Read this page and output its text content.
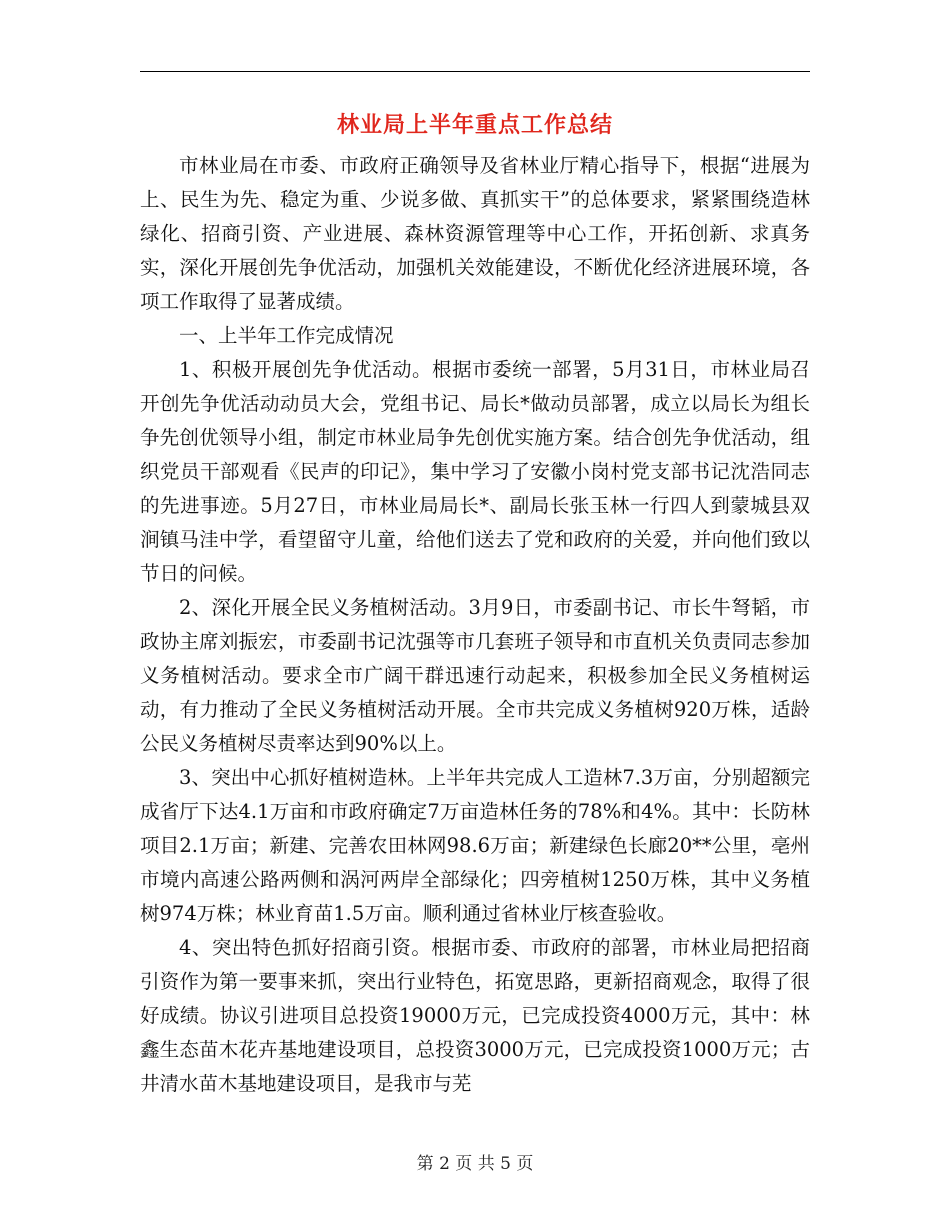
林业局上半年重点工作总结

市林业局在市委、市政府正确领导及省林业厅精心指导下，根据“进展为上、民生为先、稳定为重、少说多做、真抓实干”的总体要求，紧紧围绕造林绿化、招商引资、产业进展、森林资源管理等中心工作，开拓创新、求真务实，深化开展创先争优活动，加强机关效能建设，不断优化经济进展环境，各项工作取得了显著成绩。

一、上半年工作完成情况

1、积极开展创先争优活动。根据市委统一部署，5月31日，市林业局召开创先争优活动动员大会，党组书记、局长*做动员部署，成立以局长为组长争先创优领导小组，制定市林业局争先创优实施方案。结合创先争优活动，组织党员干部观看《民声的印记》，集中学习了安徽小岗村党支部书记沈浩同志的先进事迹。5月27日，市林业局局长*、副局长张玉林一行四人到蒙城县双涧镇马洼中学，看望留守儿童，给他们送去了党和政府的关爱，并向他们致以节日的问候。

2、深化开展全民义务植树活动。3月9日，市委副书记、市长牛弩韬，市政协主席刘振宏，市委副书记沈强等市几套班子领导和市直机关负责同志参加义务植树活动。要求全市广阔干群迅速行动起来，积极参加全民义务植树运动，有力推动了全民义务植树活动开展。全市共完成义务植树920万株，适龄公民义务植树尽责率达到90%以上。

3、突出中心抓好植树造林。上半年共完成人工造林7.3万亩，分别超额完成省厅下达4.1万亩和市政府确定7万亩造林任务的78%和4%。其中：长防林项目2.1万亩；新建、完善农田林网98.6万亩；新建绿色长廊20**公里，亳州市境内高速公路两侧和涡河两岸全部绿化；四旁植树1250万株，其中义务植树974万株；林业育苗1.5万亩。顺利通过省林业厅核查验收。

4、突出特色抓好招商引资。根据市委、市政府的部署，市林业局把招商引资作为第一要事来抓，突出行业特色，拓宽思路，更新招商观念，取得了很好成绩。协议引进项目总投资19000万元，已完成投资4000万元，其中：林鑫生态苗木花卉基地建设项目，总投资3000万元，已完成投资1000万元；古井清水苗木基地建设项目，是我市与芜

第 2 页 共 5 页
